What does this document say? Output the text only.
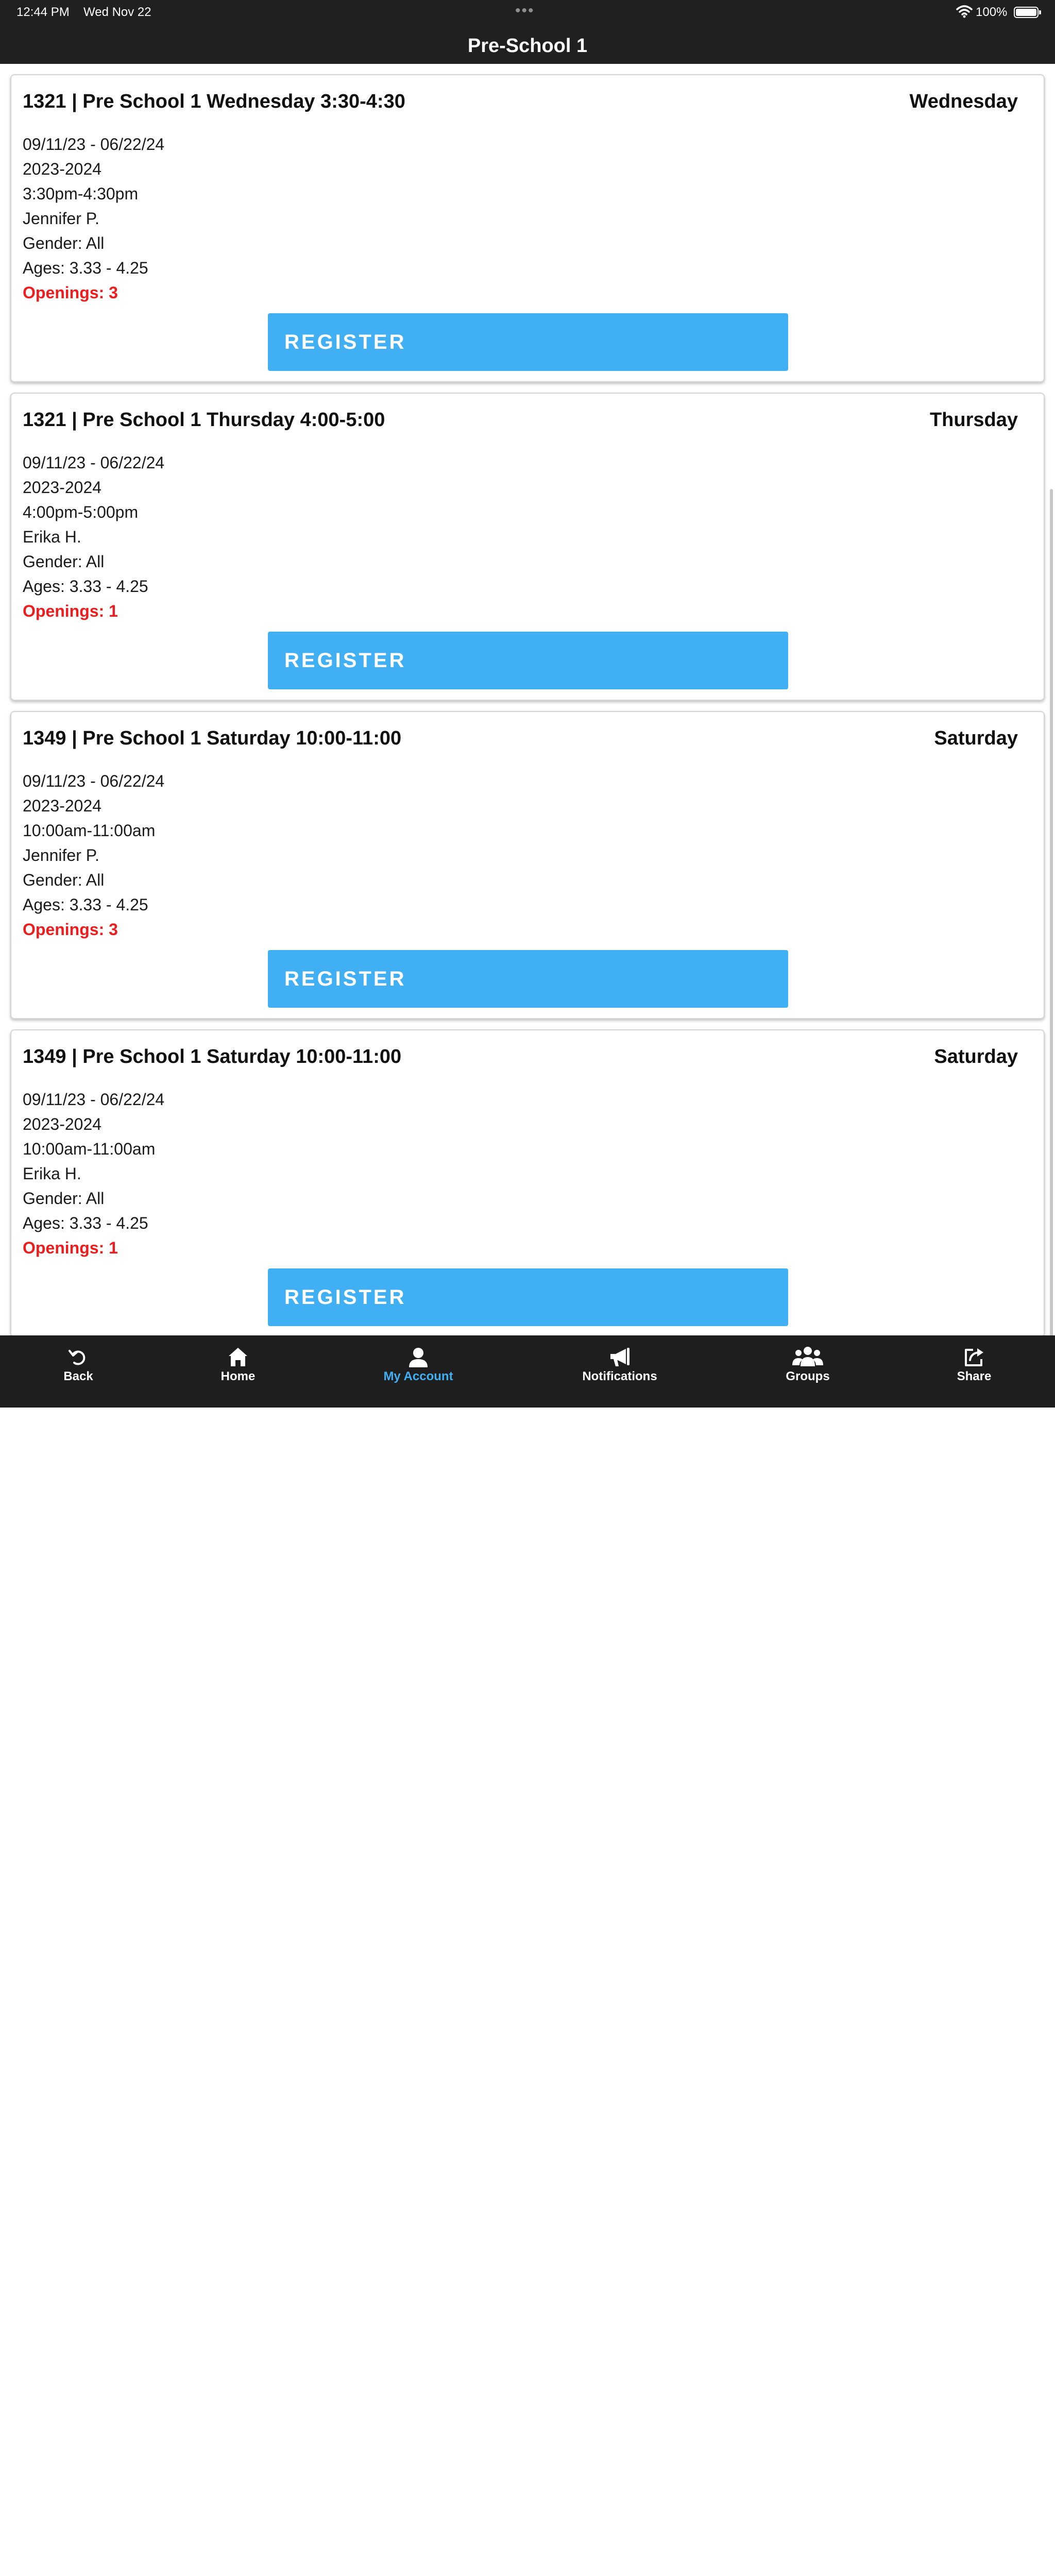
12:44 PM Wed Nov 22	•••	100%
Pre-School 1
1321 | Pre School 1 Wednesday 3:30-4:30	Wednesday
09/11/23 - 06/22/24
2023-2024
3:30pm-4:30pm
Jennifer P.
Gender: All
Ages: 3.33 - 4.25
Openings: 3
REGISTER
1321 | Pre School 1 Thursday 4:00-5:00	Thursday
09/11/23 - 06/22/24
2023-2024
4:00pm-5:00pm
Erika H.
Gender: All
Ages: 3.33 - 4.25
Openings: 1
REGISTER
1349 | Pre School 1 Saturday 10:00-11:00	Saturday
09/11/23 - 06/22/24
2023-2024
10:00am-11:00am
Jennifer P.
Gender: All
Ages: 3.33 - 4.25
Openings: 3
REGISTER
1349 | Pre School 1 Saturday 10:00-11:00	Saturday
09/11/23 - 06/22/24
2023-2024
10:00am-11:00am
Erika H.
Gender: All
Ages: 3.33 - 4.25
Openings: 1
REGISTER
Back	Home	My Account	Notifications	Groups	Share
